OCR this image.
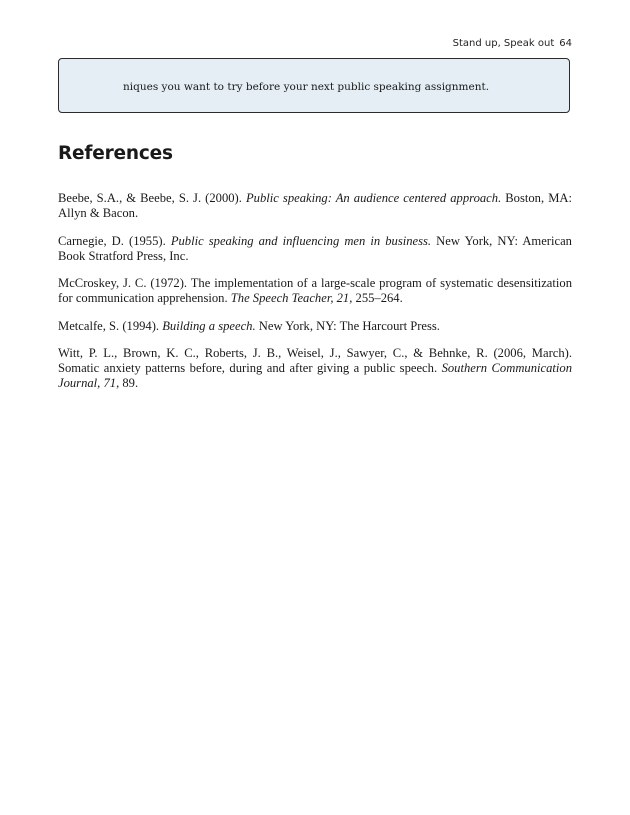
Stand up, Speak out 64
niques you want to try before your next public speaking assignment.
References
Beebe, S.A., & Beebe, S. J. (2000). Public speaking: An audience centered approach. Boston, MA: Allyn & Bacon.
Carnegie, D. (1955). Public speaking and influencing men in business. New York, NY: American Book Stratford Press, Inc.
McCroskey, J. C. (1972). The implementation of a large-scale program of systematic desensitization for communication apprehension. The Speech Teacher, 21, 255–264.
Metcalfe, S. (1994). Building a speech. New York, NY: The Harcourt Press.
Witt, P. L., Brown, K. C., Roberts, J. B., Weisel, J., Sawyer, C., & Behnke, R. (2006, March). Somatic anxiety patterns before, during and after giving a public speech. Southern Communication Journal, 71, 89.
